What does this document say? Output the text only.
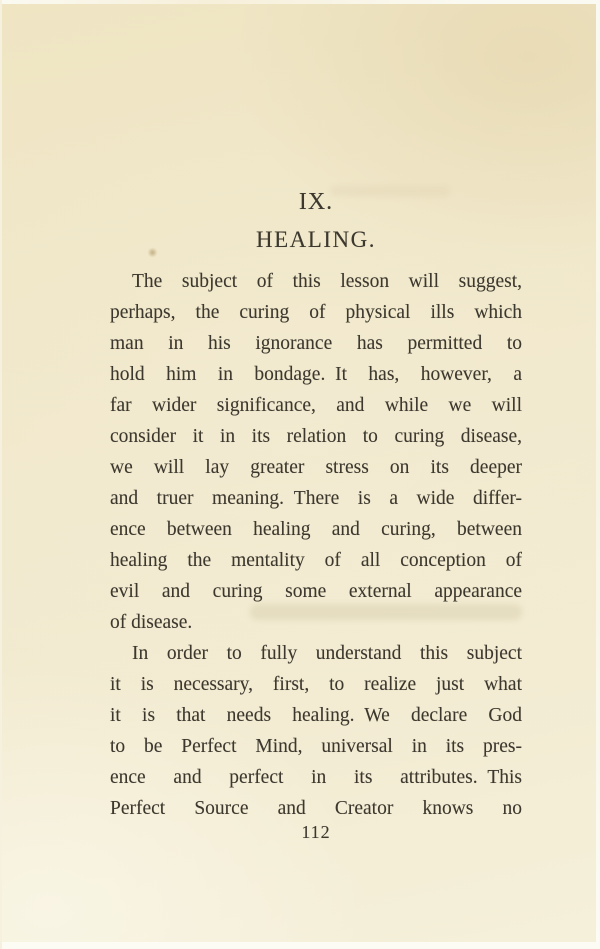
IX.
HEALING.
The subject of this lesson will suggest,
perhaps, the curing of physical ills which
man in his ignorance has permitted to
hold him in bondage. It has, however, a
far wider significance, and while we will
consider it in its relation to curing disease,
we will lay greater stress on its deeper
and truer meaning. There is a wide differ-
ence between healing and curing, between
healing the mentality of all conception of
evil and curing some external appearance
of disease.
In order to fully understand this subject
it is necessary, first, to realize just what
it is that needs healing. We declare God
to be Perfect Mind, universal in its pres-
ence and perfect in its attributes. This
Perfect Source and Creator knows no
112
